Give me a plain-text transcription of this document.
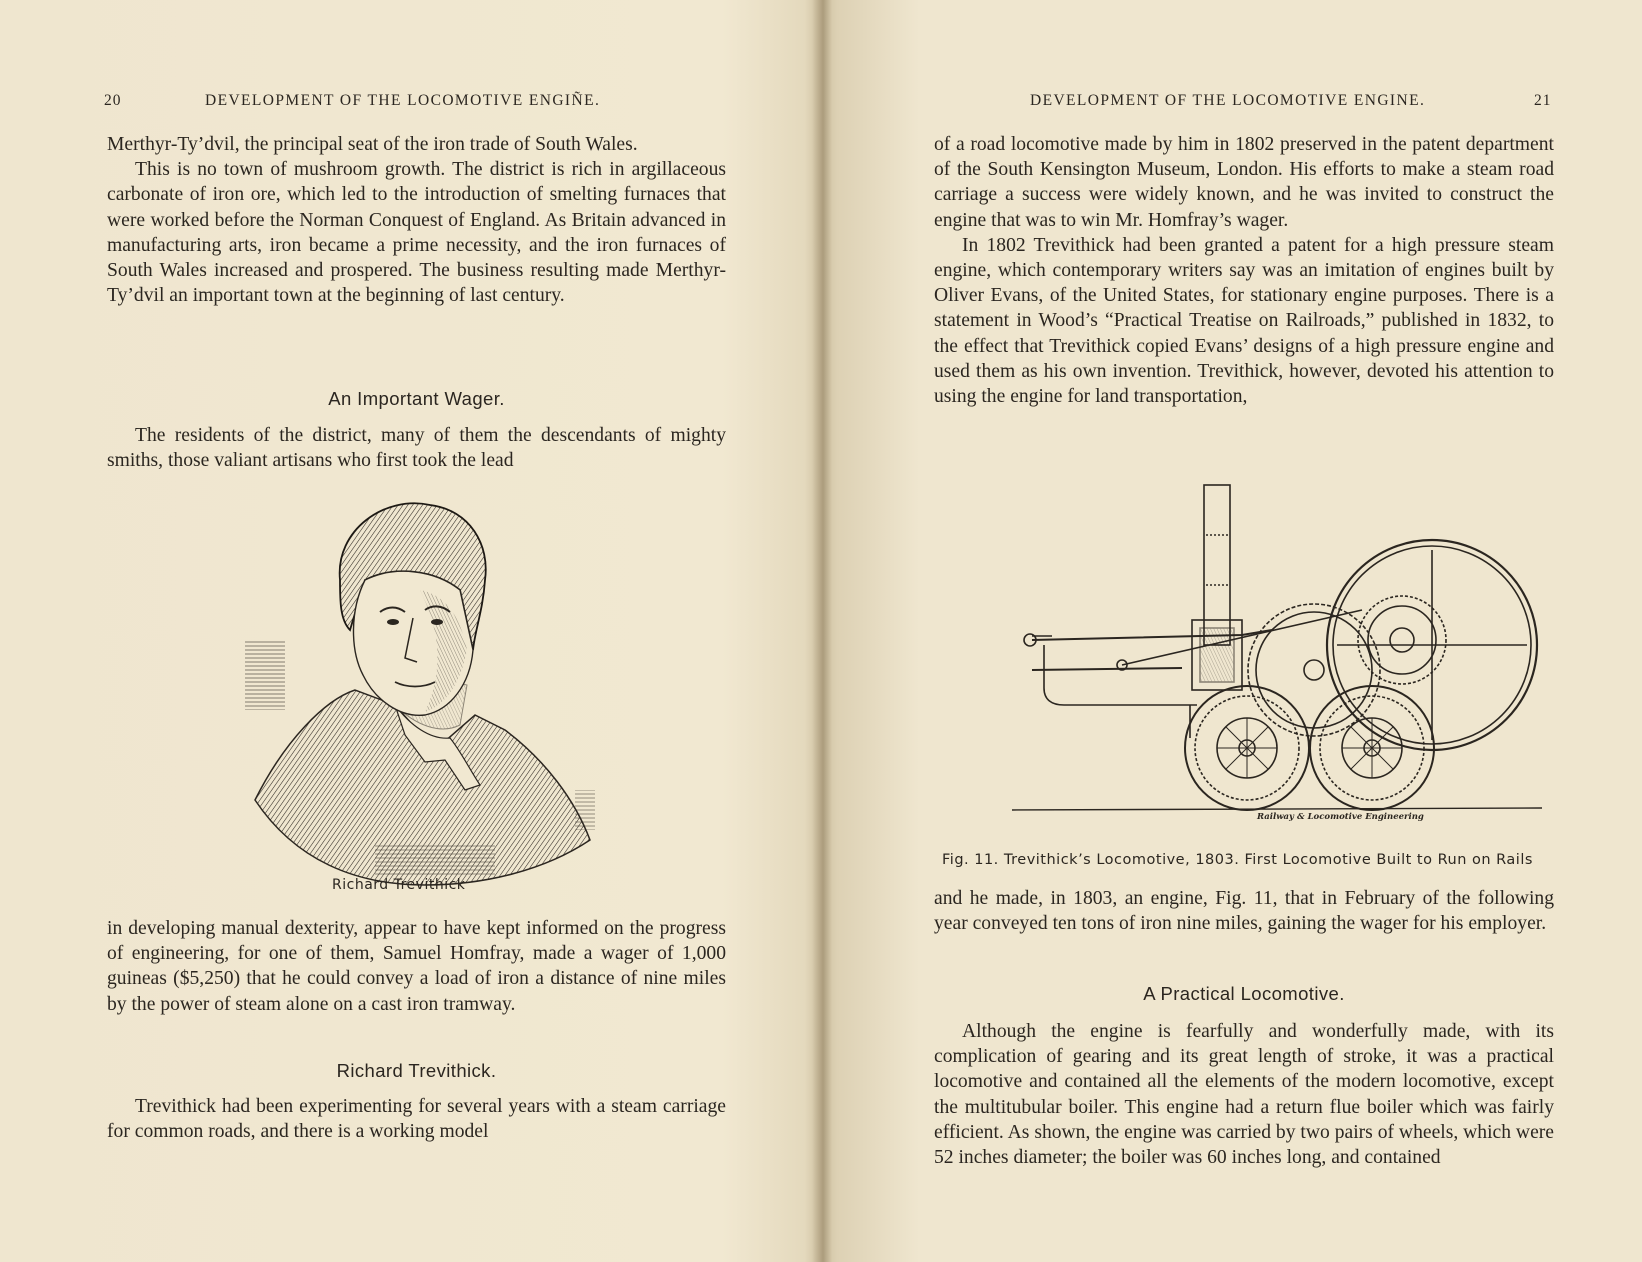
20	DEVELOPMENT OF THE LOCOMOTIVE ENGIÑE.

Merthyr-Ty’dvil, the principal seat of the iron trade of South Wales.

This is no town of mushroom growth. The district is rich in argillaceous carbonate of iron ore, which led to the introduction of smelting furnaces that were worked before the Norman Conquest of England. As Britain advanced in manufacturing arts, iron became a prime necessity, and the iron furnaces of South Wales increased and prospered. The business resulting made Merthyr-Ty’dvil an important town at the beginning of last century.

An Important Wager.

The residents of the district, many of them the descendants of mighty smiths, those valiant artisans who first took the lead

Richard Trevithick

in developing manual dexterity, appear to have kept informed on the progress of engineering, for one of them, Samuel Homfray, made a wager of 1,000 guineas ($5,250) that he could convey a load of iron a distance of nine miles by the power of steam alone on a cast iron tramway.

Richard Trevithick.

Trevithick had been experimenting for several years with a steam carriage for common roads, and there is a working model

DEVELOPMENT OF THE LOCOMOTIVE ENGINE.	21

of a road locomotive made by him in 1802 preserved in the patent department of the South Kensington Museum, London. His efforts to make a steam road carriage a success were widely known, and he was invited to construct the engine that was to win Mr. Homfray’s wager.

In 1802 Trevithick had been granted a patent for a high pressure steam engine, which contemporary writers say was an imitation of engines built by Oliver Evans, of the United States, for stationary engine purposes. There is a statement in Wood’s “Practical Treatise on Railroads,” published in 1832, to the effect that Trevithick copied Evans’ designs of a high pressure engine and used them as his own invention. Trevithick, however, devoted his attention to using the engine for land transportation,

Railway & Locomotive Engineering
Fig. 11. Trevithick’s Locomotive, 1803. First Locomotive Built to Run on Rails

and he made, in 1803, an engine, Fig. 11, that in February of the following year conveyed ten tons of iron nine miles, gaining the wager for his employer.

A Practical Locomotive.

Although the engine is fearfully and wonderfully made, with its complication of gearing and its great length of stroke, it was a practical locomotive and contained all the elements of the modern locomotive, except the multitubular boiler. This engine had a return flue boiler which was fairly efficient. As shown, the engine was carried by two pairs of wheels, which were 52 inches diameter; the boiler was 60 inches long, and contained
